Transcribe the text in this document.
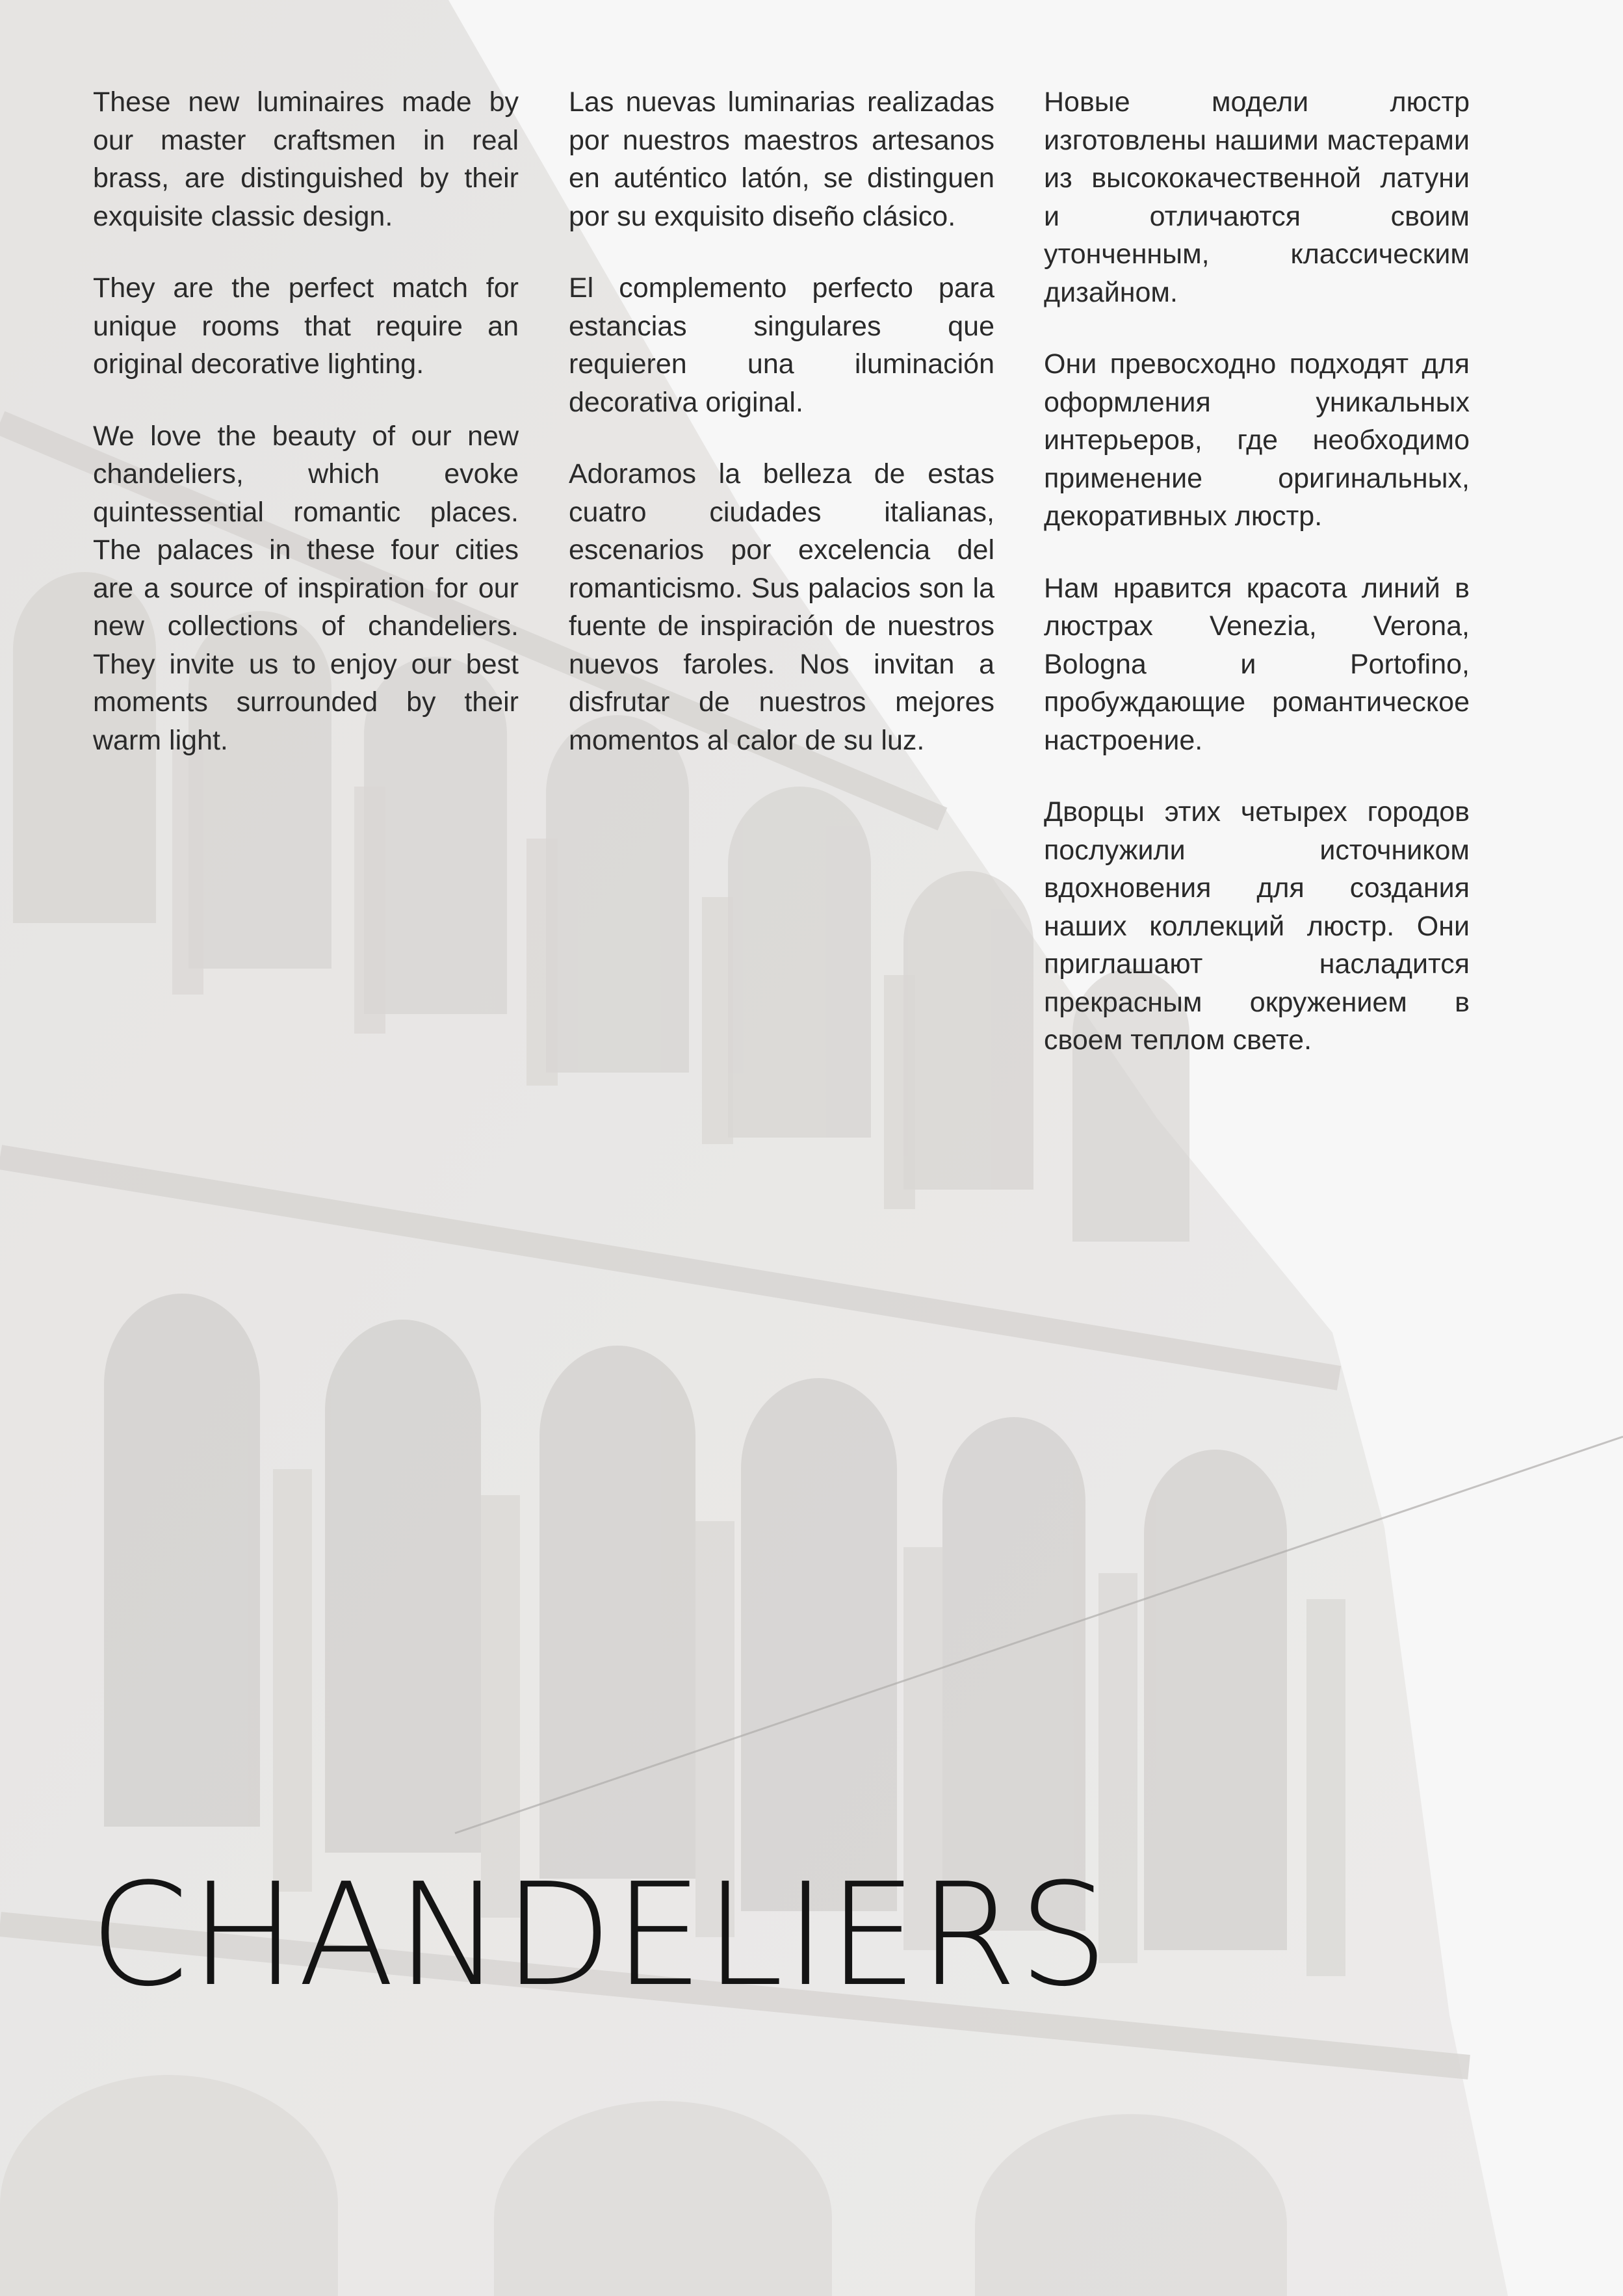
These new luminaires made by our master craftsmen in real brass, are distinguished by their exquisite classic design.

They are the perfect match for unique rooms that require an original decorative lighting.

We love the beauty of our new chandeliers, which evoke quintessential romantic places. The palaces in these four cities are a source of inspiration for our new collections of chandeliers. They invite us to enjoy our best moments surrounded by their warm light.

Las nuevas luminarias realizadas por nuestros maestros artesanos en auténtico latón, se distinguen por su exquisito diseño clásico.

El complemento perfecto para estancias singulares que requieren una iluminación decorativa original.

Adoramos la belleza de estas cuatro ciudades italianas, escenarios por excelencia del romanticismo. Sus palacios son la fuente de inspiración de nuestros nuevos faroles. Nos invitan a disfrutar de nuestros mejores momentos al calor de su luz.

Новые модели люстр изготовлены нашими мастерами из высококачественной латуни и отличаются своим утонченным, классическим дизайном.

Они превосходно подходят для оформления уникальных интерьеров, где необходимо применение оригинальных, декоративных люстр.

Нам нравится красота линий в люстрах Venezia, Verona, Bologna и Portofino, пробуждающие романтическое настроение.

Дворцы этих четырех городов послужили источником вдохновения для создания наших коллекций люстр. Они приглашают насладится прекрасным окружением в своем теплом свете.

CHANDELIERS
